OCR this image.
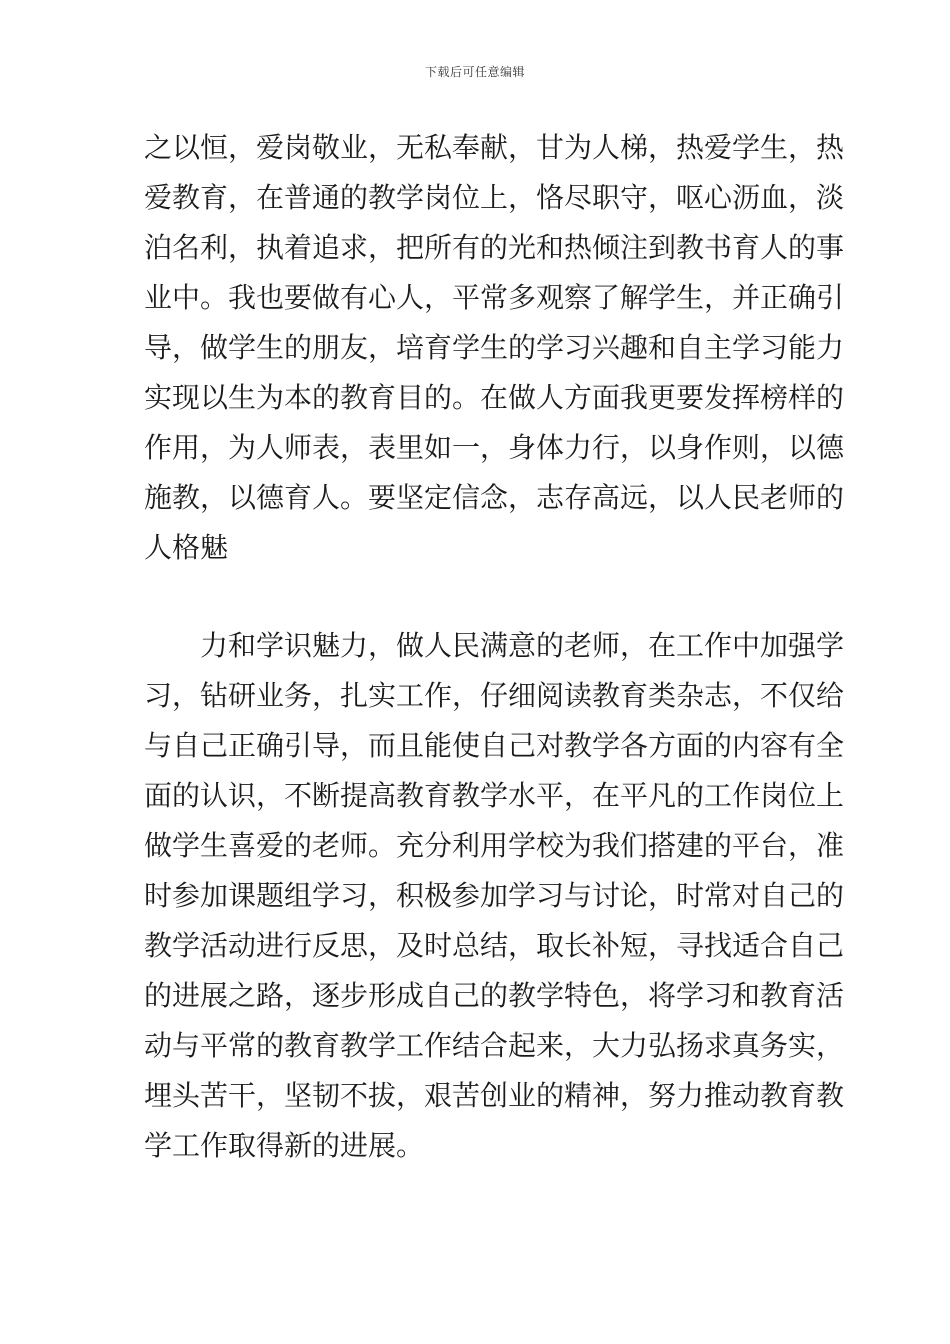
下载后可任意编辑
之以恒，爱岗敬业，无私奉献，甘为人梯，热爱学生，热
爱教育，在普通的教学岗位上，恪尽职守，呕心沥血，淡
泊名利，执着追求，把所有的光和热倾注到教书育人的事
业中。我也要做有心人，平常多观察了解学生，并正确引
导，做学生的朋友，培育学生的学习兴趣和自主学习能力
实现以生为本的教育目的。在做人方面我更要发挥榜样的
作用，为人师表，表里如一，身体力行，以身作则，以德
施教，以德育人。要坚定信念，志存高远，以人民老师的
人格魅
力和学识魅力，做人民满意的老师，在工作中加强学
习，钻研业务，扎实工作，仔细阅读教育类杂志，不仅给
与自己正确引导，而且能使自己对教学各方面的内容有全
面的认识，不断提高教育教学水平，在平凡的工作岗位上
做学生喜爱的老师。充分利用学校为我们搭建的平台，准
时参加课题组学习，积极参加学习与讨论，时常对自己的
教学活动进行反思，及时总结，取长补短，寻找适合自己
的进展之路，逐步形成自己的教学特色，将学习和教育活
动与平常的教育教学工作结合起来，大力弘扬求真务实，
埋头苦干，坚韧不拔，艰苦创业的精神，努力推动教育教
学工作取得新的进展。
